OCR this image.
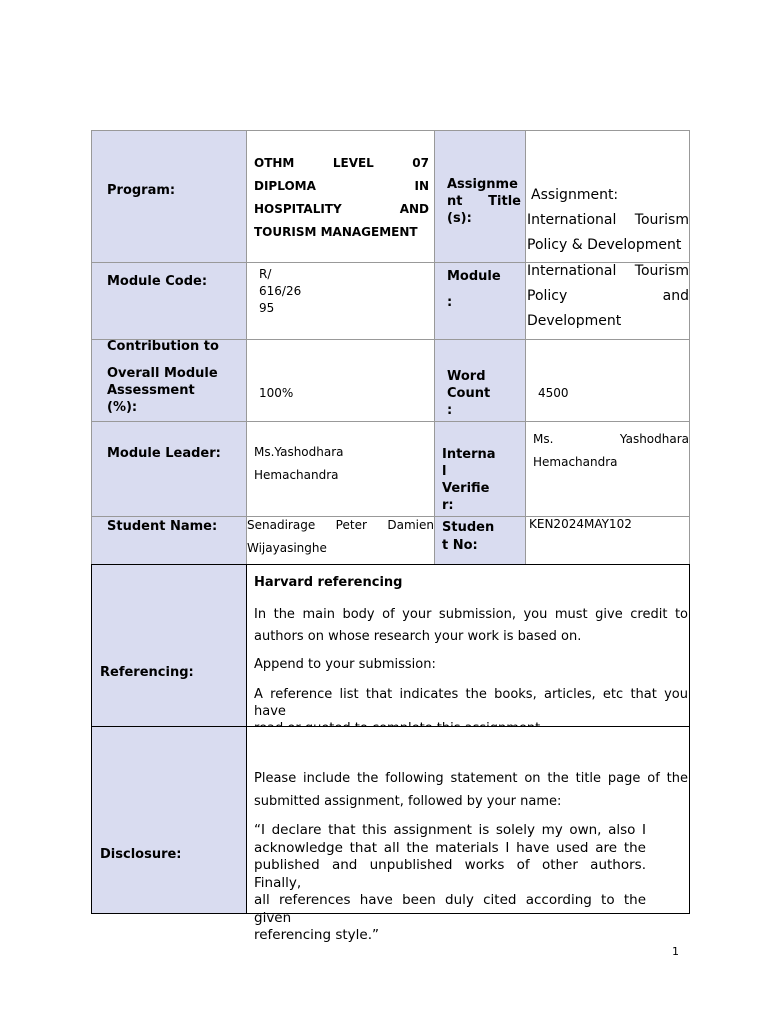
Program:
OTHM LEVEL 07
DIPLOMA IN
HOSPITALITY AND
TOURISM MANAGEMENT
Assignme
nt Title
(s):
Assignment:
International Tourism
Policy & Development
Module Code:	R/
616/26
95
Module
:
International Tourism
Policy and
Development
Contribution to
Overall Module
Assessment
(%):
100%
Word
Count
:
4500
Module Leader:	Ms.Yashodhara
Hemachandra
Interna
l
Verifie
r:
Ms. Yashodhara
Hemachandra
Student Name: Senadirage Peter Damien
Wijayasinghe
Studen
t No:
KEN2024MAY102
Referencing:

Harvard referencing

In the main body of your submission, you must give credit to
authors on whose research your work is based on.

Append to your submission:

A reference list that indicates the books, articles, etc that you have
Disclosure:
Please include the following statement on the title page of the
submitted assignment, followed by your name:
“I declare that this assignment is solely my own, also I
acknowledge that all the materials I have used are the
published and unpublished works of other authors. Finally,
all references have been duly cited according to the given
referencing style.”
1
